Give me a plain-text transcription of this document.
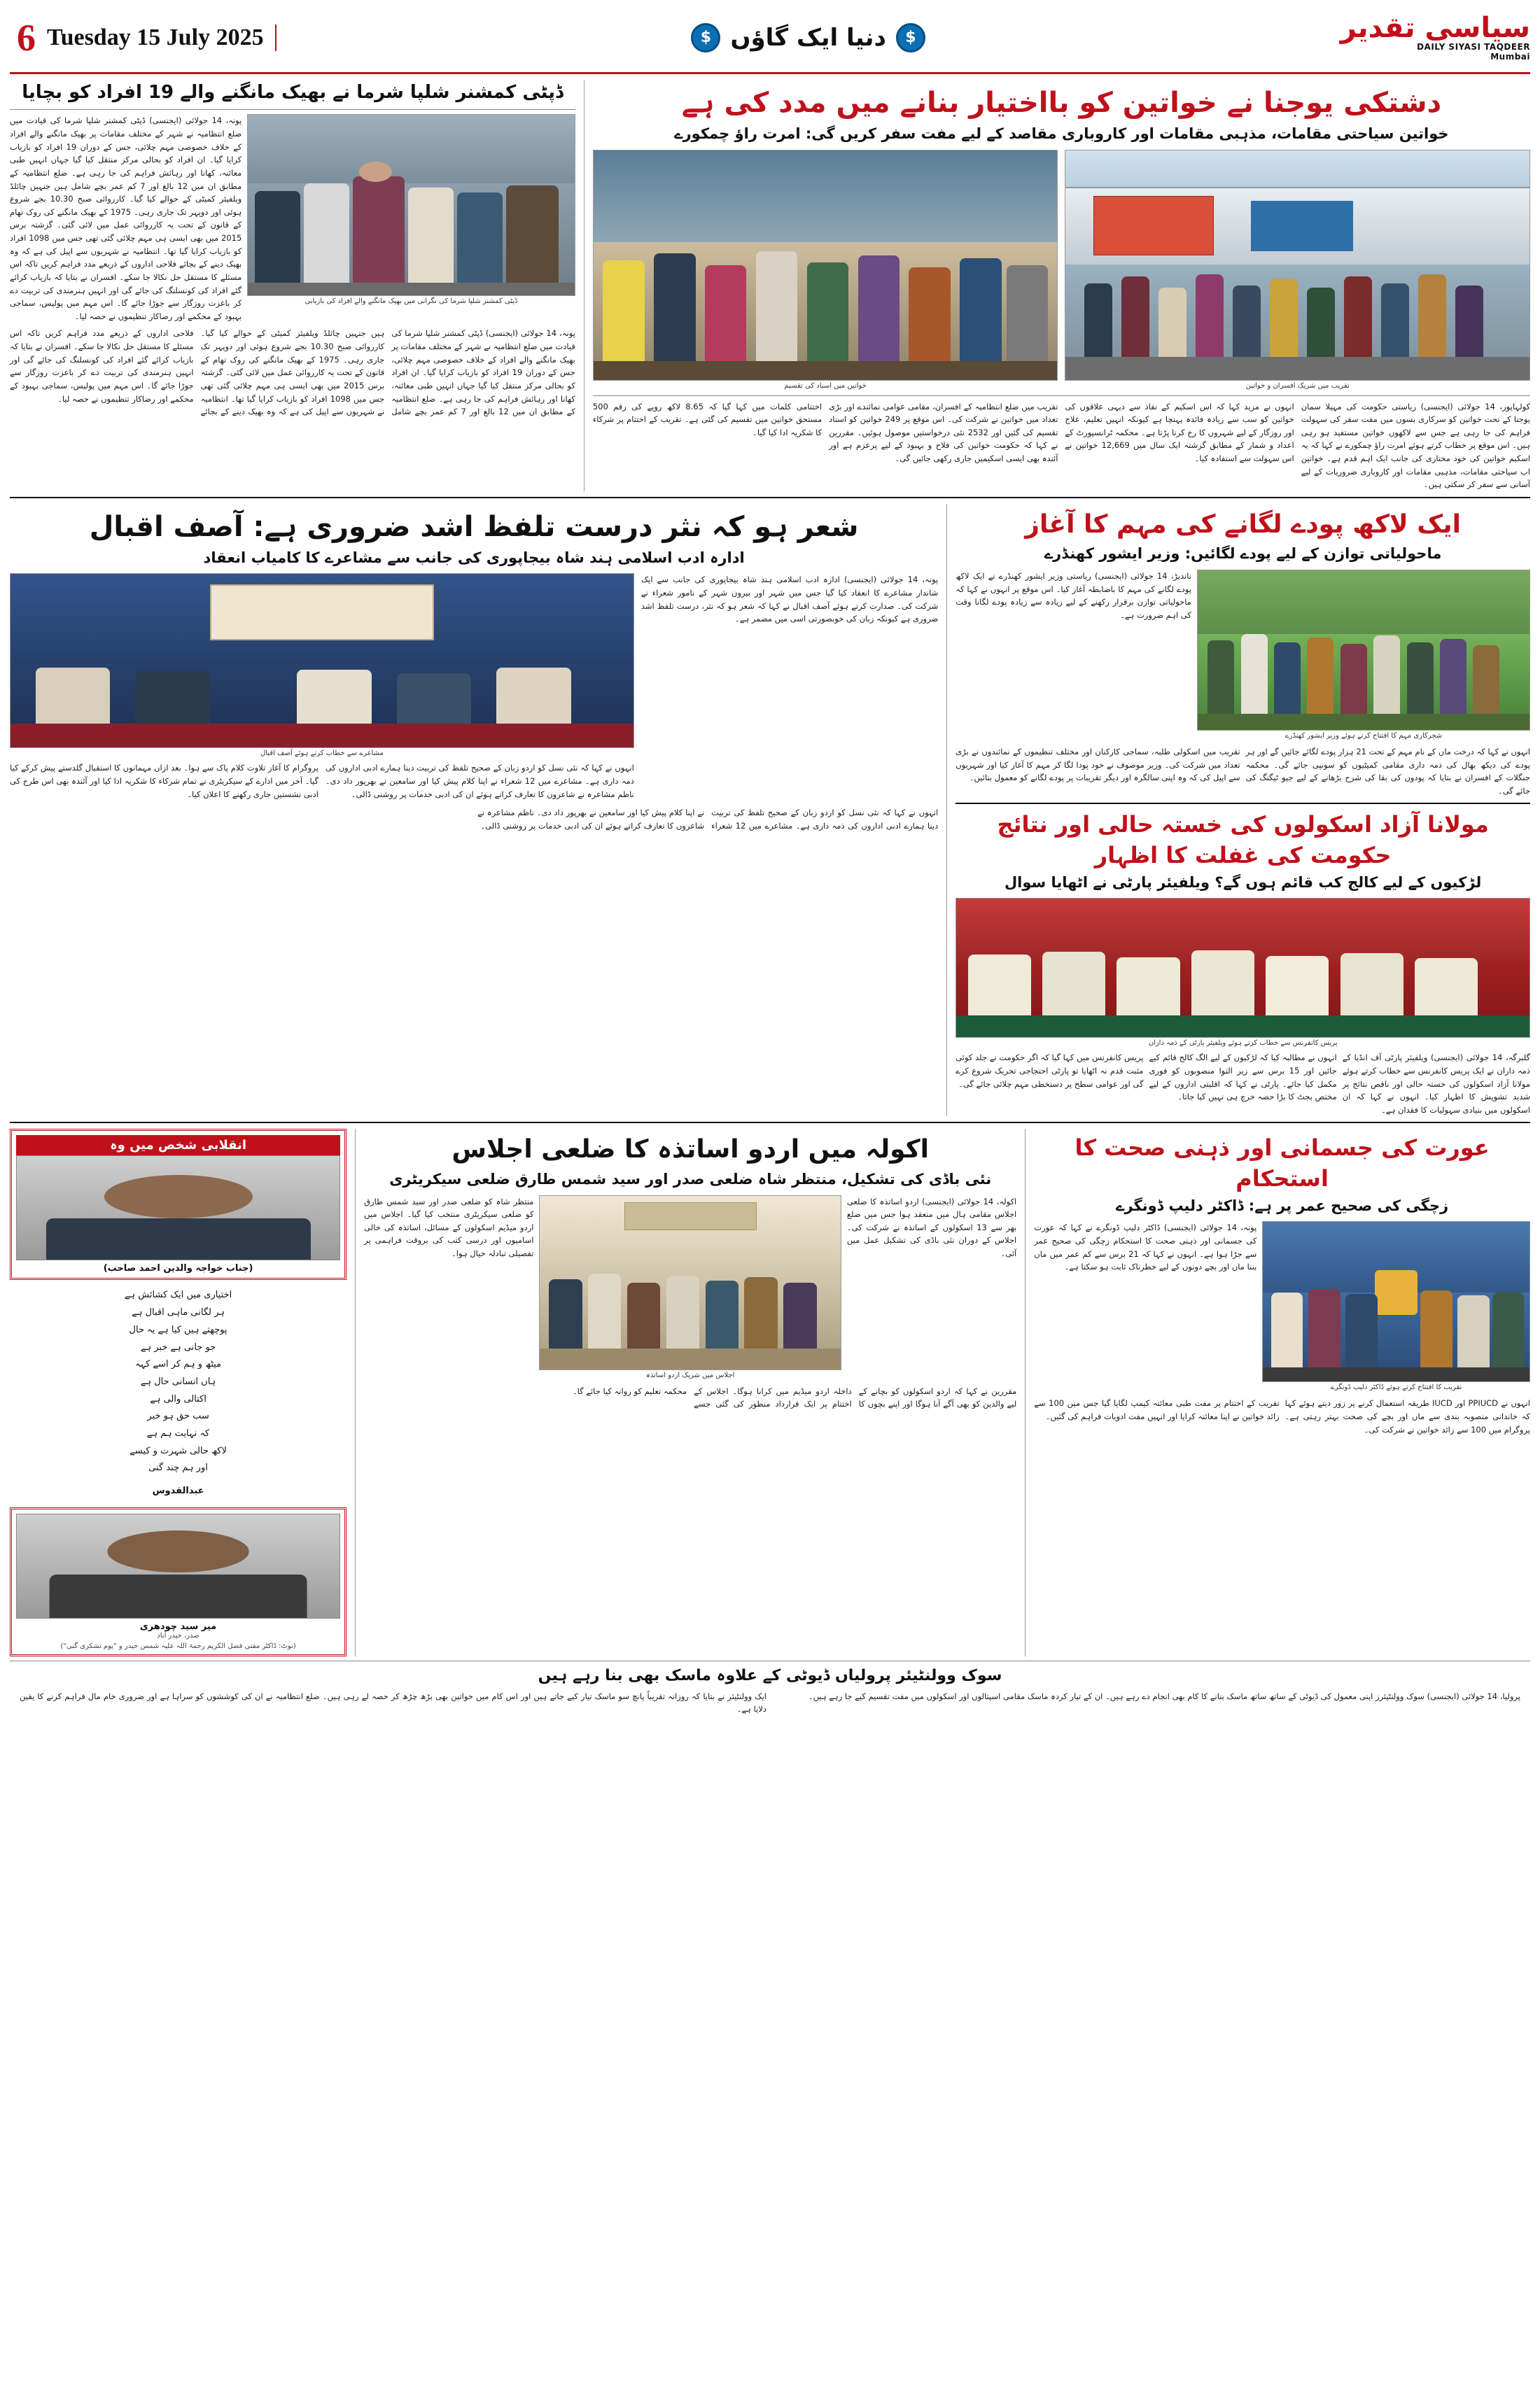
سیاسی تقدیر
DAILY SIYASI TAQDEER
Mumbai
$
دنیا ایک گاؤں
$
Tuesday 15 July 2025
6
دشتکی یوجنا نے خواتین کو بااختیار بنانے میں مدد کی ہے
خواتین سیاحتی مقامات، مذہبی مقامات اور کاروباری مقاصد کے لیے مفت سفر کریں گی: امرت راؤ چمکورے
تقریب میں شریک افسران و خواتین
خواتین میں اسناد کی تقسیم
کولہاپور، 14 جولائی (ایجنسی) ریاستی حکومت کی مہیلا سمان یوجنا کے تحت خواتین کو سرکاری بسوں میں مفت سفر کی سہولت فراہم کی جا رہی ہے جس سے لاکھوں خواتین مستفید ہو رہی ہیں۔ اس موقع پر خطاب کرتے ہوئے امرت راؤ چمکورے نے کہا کہ یہ اسکیم خواتین کی خود مختاری کی جانب ایک اہم قدم ہے۔ خواتین اب سیاحتی مقامات، مذہبی مقامات اور کاروباری ضروریات کے لیے آسانی سے سفر کر سکتی ہیں۔
انہوں نے مزید کہا کہ اس اسکیم کے نفاذ سے دیہی علاقوں کی خواتین کو سب سے زیادہ فائدہ پہنچا ہے کیونکہ انہیں تعلیم، علاج اور روزگار کے لیے شہروں کا رخ کرنا پڑتا ہے۔ محکمہ ٹرانسپورٹ کے اعداد و شمار کے مطابق گزشتہ ایک سال میں 12,669 خواتین نے اس سہولت سے استفادہ کیا۔
تقریب میں ضلع انتظامیہ کے افسران، مقامی عوامی نمائندے اور بڑی تعداد میں خواتین نے شرکت کی۔ اس موقع پر 249 خواتین کو اسناد تقسیم کی گئیں اور 2532 نئی درخواستیں موصول ہوئیں۔ مقررین نے کہا کہ حکومت خواتین کی فلاح و بہبود کے لیے پرعزم ہے اور آئندہ بھی ایسی اسکیمیں جاری رکھی جائیں گی۔
اختتامی کلمات میں کہا گیا کہ 8.65 لاکھ روپے کی رقم 500 مستحق خواتین میں تقسیم کی گئی ہے۔ تقریب کے اختتام پر شرکاء کا شکریہ ادا کیا گیا۔
ڈپٹی کمشنر شلپا شرما نے بھیک مانگنے والے 19 افراد کو بچایا
ڈپٹی کمشنر شلپا شرما کی نگرانی میں بھیک مانگنے والے افراد کی بازیابی
پونہ، 14 جولائی (ایجنسی) ڈپٹی کمشنر شلپا شرما کی قیادت میں ضلع انتظامیہ نے شہر کے مختلف مقامات پر بھیک مانگنے والے افراد کے خلاف خصوصی مہم چلائی، جس کے دوران 19 افراد کو بازیاب کرایا گیا۔ ان افراد کو بحالی مرکز منتقل کیا گیا جہاں انہیں طبی معائنہ، کھانا اور رہائش فراہم کی جا رہی ہے۔ ضلع انتظامیہ کے مطابق ان میں 12 بالغ اور 7 کم عمر بچے شامل ہیں جنہیں چائلڈ ویلفیئر کمیٹی کے حوالے کیا گیا۔ کارروائی صبح 10.30 بجے شروع ہوئی اور دوپہر تک جاری رہی۔ 1975 کے بھیک مانگنے کی روک تھام کے قانون کے تحت یہ کارروائی عمل میں لائی گئی۔ گزشتہ برس 2015 میں بھی ایسی ہی مہم چلائی گئی تھی جس میں 1098 افراد کو بازیاب کرایا گیا تھا۔ انتظامیہ نے شہریوں سے اپیل کی ہے کہ وہ بھیک دینے کے بجائے فلاحی اداروں کے ذریعے مدد فراہم کریں تاکہ اس مسئلے کا مستقل حل نکالا جا سکے۔ افسران نے بتایا کہ بازیاب کرائے گئے افراد کی کونسلنگ کی جائے گی اور انہیں ہنرمندی کی تربیت دے کر باعزت روزگار سے جوڑا جائے گا۔ اس مہم میں پولیس، سماجی بہبود کے محکمے اور رضاکار تنظیموں نے حصہ لیا۔
پونہ، 14 جولائی (ایجنسی) ڈپٹی کمشنر شلپا شرما کی قیادت میں ضلع انتظامیہ نے شہر کے مختلف مقامات پر بھیک مانگنے والے افراد کے خلاف خصوصی مہم چلائی، جس کے دوران 19 افراد کو بازیاب کرایا گیا۔ ان افراد کو بحالی مرکز منتقل کیا گیا جہاں انہیں طبی معائنہ، کھانا اور رہائش فراہم کی جا رہی ہے۔ ضلع انتظامیہ کے مطابق ان میں 12 بالغ اور 7 کم عمر بچے شامل ہیں جنہیں چائلڈ ویلفیئر کمیٹی کے حوالے کیا گیا۔ کارروائی صبح 10.30 بجے شروع ہوئی اور دوپہر تک جاری رہی۔ 1975 کے بھیک مانگنے کی روک تھام کے قانون کے تحت یہ کارروائی عمل میں لائی گئی۔ گزشتہ برس 2015 میں بھی ایسی ہی مہم چلائی گئی تھی جس میں 1098 افراد کو بازیاب کرایا گیا تھا۔ انتظامیہ نے شہریوں سے اپیل کی ہے کہ وہ بھیک دینے کے بجائے فلاحی اداروں کے ذریعے مدد فراہم کریں تاکہ اس مسئلے کا مستقل حل نکالا جا سکے۔ افسران نے بتایا کہ بازیاب کرائے گئے افراد کی کونسلنگ کی جائے گی اور انہیں ہنرمندی کی تربیت دے کر باعزت روزگار سے جوڑا جائے گا۔ اس مہم میں پولیس، سماجی بہبود کے محکمے اور رضاکار تنظیموں نے حصہ لیا۔
ایک لاکھ پودے لگانے کی مہم کا آغاز
ماحولیاتی توازن کے لیے پودے لگائیں: وزیر ایشور کھنڈرے
شجرکاری مہم کا افتتاح کرتے ہوئے وزیر ایشور کھنڈرے
ناندیڑ، 14 جولائی (ایجنسی) ریاستی وزیر ایشور کھنڈرے نے ایک لاکھ پودے لگانے کی مہم کا باضابطہ آغاز کیا۔ اس موقع پر انہوں نے کہا کہ ماحولیاتی توازن برقرار رکھنے کے لیے زیادہ سے زیادہ پودے لگانا وقت کی اہم ضرورت ہے۔
انہوں نے کہا کہ درخت ماں کے نام مہم کے تحت 21 ہزار پودے لگائے جائیں گے اور ہر پودے کی دیکھ بھال کی ذمہ داری مقامی کمیٹیوں کو سونپی جائے گی۔ محکمہ جنگلات کے افسران نے بتایا کہ پودوں کی بقا کی شرح بڑھانے کے لیے جیو ٹیگنگ کی جائے گی۔
تقریب میں اسکولی طلبہ، سماجی کارکنان اور مختلف تنظیموں کے نمائندوں نے بڑی تعداد میں شرکت کی۔ وزیر موصوف نے خود پودا لگا کر مہم کا آغاز کیا اور شہریوں سے اپیل کی کہ وہ اپنی سالگرہ اور دیگر تقریبات پر پودے لگانے کو معمول بنائیں۔
مولانا آزاد اسکولوں کی خستہ حالی اور نتائج حکومت کی غفلت کا اظہار
لڑکیوں کے لیے کالج کب قائم ہوں گے؟ ویلفیئر پارٹی نے اٹھایا سوال
پریس کانفرنس سے خطاب کرتے ہوئے ویلفیئر پارٹی کے ذمہ داران
گلبرگہ، 14 جولائی (ایجنسی) ویلفیئر پارٹی آف انڈیا کے ذمہ داران نے ایک پریس کانفرنس سے خطاب کرتے ہوئے مولانا آزاد اسکولوں کی خستہ حالی اور ناقص نتائج پر شدید تشویش کا اظہار کیا۔ انہوں نے کہا کہ ان اسکولوں میں بنیادی سہولیات کا فقدان ہے۔
انہوں نے مطالبہ کیا کہ لڑکیوں کے لیے الگ کالج قائم کیے جائیں اور 15 برس سے زیر التوا منصوبوں کو فوری مکمل کیا جائے۔ پارٹی نے کہا کہ اقلیتی اداروں کے لیے مختص بجٹ کا بڑا حصہ خرچ ہی نہیں کیا جاتا۔
پریس کانفرنس میں کہا گیا کہ اگر حکومت نے جلد کوئی مثبت قدم نہ اٹھایا تو پارٹی احتجاجی تحریک شروع کرے گی اور عوامی سطح پر دستخطی مہم چلائی جائے گی۔
شعر ہو کہ نثر درست تلفظ اشد ضروری ہے: آصف اقبال
ادارہ ادب اسلامی ہند شاہ بیجاپوری کی جانب سے مشاعرے کا کامیاب انعقاد
پونہ، 14 جولائی (ایجنسی) ادارہ ادب اسلامی ہند شاہ بیجاپوری کی جانب سے ایک شاندار مشاعرے کا انعقاد کیا گیا جس میں شہر اور بیرون شہر کے نامور شعراء نے شرکت کی۔ صدارت کرتے ہوئے آصف اقبال نے کہا کہ شعر ہو کہ نثر، درست تلفظ اشد ضروری ہے کیونکہ زبان کی خوبصورتی اسی میں مضمر ہے۔
مشاعرے سے خطاب کرتے ہوئے آصف اقبال
انہوں نے کہا کہ نئی نسل کو اردو زبان کے صحیح تلفظ کی تربیت دینا ہمارے ادبی اداروں کی ذمہ داری ہے۔ مشاعرے میں 12 شعراء نے اپنا کلام پیش کیا اور سامعین نے بھرپور داد دی۔ ناظم مشاعرہ نے شاعروں کا تعارف کراتے ہوئے ان کی ادبی خدمات پر روشنی ڈالی۔
پروگرام کا آغاز تلاوت کلام پاک سے ہوا۔ بعد ازاں مہمانوں کا استقبال گلدستے پیش کرکے کیا گیا۔ آخر میں ادارے کے سیکریٹری نے تمام شرکاء کا شکریہ ادا کیا اور آئندہ بھی اس طرح کی ادبی نشستیں جاری رکھنے کا اعلان کیا۔
انہوں نے کہا کہ نئی نسل کو اردو زبان کے صحیح تلفظ کی تربیت دینا ہمارے ادبی اداروں کی ذمہ داری ہے۔ مشاعرے میں 12 شعراء نے اپنا کلام پیش کیا اور سامعین نے بھرپور داد دی۔ ناظم مشاعرہ نے شاعروں کا تعارف کراتے ہوئے ان کی ادبی خدمات پر روشنی ڈالی۔
عورت کی جسمانی اور ذہنی صحت کا استحکام
زچگی کی صحیح عمر پر ہے: ڈاکٹر دلیپ ڈونگرے
تقریب کا افتتاح کرتے ہوئے ڈاکٹر دلیپ ڈونگرے
پونہ، 14 جولائی (ایجنسی) ڈاکٹر دلیپ ڈونگرے نے کہا کہ عورت کی جسمانی اور ذہنی صحت کا استحکام زچگی کی صحیح عمر سے جڑا ہوا ہے۔ انہوں نے کہا کہ 21 برس سے کم عمر میں ماں بننا ماں اور بچے دونوں کے لیے خطرناک ثابت ہو سکتا ہے۔
انہوں نے PPIUCD اور IUCD طریقہ استعمال کرنے پر زور دیتے ہوئے کہا کہ خاندانی منصوبہ بندی سے ماں اور بچے کی صحت بہتر رہتی ہے۔ پروگرام میں 100 سے زائد خواتین نے شرکت کی۔
تقریب کے اختتام پر مفت طبی معائنہ کیمپ لگایا گیا جس میں 100 سے زائد خواتین نے اپنا معائنہ کرایا اور انہیں مفت ادویات فراہم کی گئیں۔
اکولہ میں اردو اساتذہ کا ضلعی اجلاس
نئی باڈی کی تشکیل، منتظر شاہ ضلعی صدر اور سید شمس طارق ضلعی سیکریٹری
اکولہ، 14 جولائی (ایجنسی) اردو اساتذہ کا ضلعی اجلاس مقامی ہال میں منعقد ہوا جس میں ضلع بھر سے 13 اسکولوں کے اساتذہ نے شرکت کی۔ اجلاس کے دوران نئی باڈی کی تشکیل عمل میں آئی۔
اجلاس میں شریک اردو اساتذہ
منتظر شاہ کو ضلعی صدر اور سید شمس طارق کو ضلعی سیکریٹری منتخب کیا گیا۔ اجلاس میں اردو میڈیم اسکولوں کے مسائل، اساتذہ کی خالی اسامیوں اور درسی کتب کی بروقت فراہمی پر تفصیلی تبادلہ خیال ہوا۔
مقررین نے کہا کہ اردو اسکولوں کو بچانے کے لیے والدین کو بھی آگے آنا ہوگا اور اپنے بچوں کا داخلہ اردو میڈیم میں کرانا ہوگا۔ اجلاس کے اختتام پر ایک قرارداد منظور کی گئی جسے محکمہ تعلیم کو روانہ کیا جائے گا۔
انقلابی شخص میں وہ
(جناب خواجہ والدین احمد صاحب)
اختیاری میں ایک کشائش ہے
ہر لگانی ماہی اقبال ہے
پوچھتے ہیں کیا ہے یہ حال
جو جانی ہے خبر ہے
میٹھ و ہم کر اسے کہہ
ہاں انسانی حال ہے
اکتالی والی ہے
سب حق ہو خبر
کہ نہایت ہم ہے
لاکھ حالی شہرت و کیسے
اور ہم چند گنی
عبدالقدوس
میر سید چودھری
صدر، حیدر آباد
(نوٹ: ڈاکٹر مفتی فضل الکریم رحمۃ اللہ علیہ شمس حیدر و "یوم تشکری گنی")
سوک وولنٹیئر پرولیاں ڈیوٹی کے علاوہ ماسک بھی بنا رہے ہیں
پرولیا، 14 جولائی (ایجنسی) سوک وولنٹیئرز اپنی معمول کی ڈیوٹی کے ساتھ ساتھ ماسک بنانے کا کام بھی انجام دے رہے ہیں۔ ان کے تیار کردہ ماسک مقامی اسپتالوں اور اسکولوں میں مفت تقسیم کیے جا رہے ہیں۔
ایک وولنٹیئر نے بتایا کہ روزانہ تقریباً پانچ سو ماسک تیار کیے جاتے ہیں اور اس کام میں خواتین بھی بڑھ چڑھ کر حصہ لے رہی ہیں۔ ضلع انتظامیہ نے ان کی کوششوں کو سراہا ہے اور ضروری خام مال فراہم کرنے کا یقین دلایا ہے۔
